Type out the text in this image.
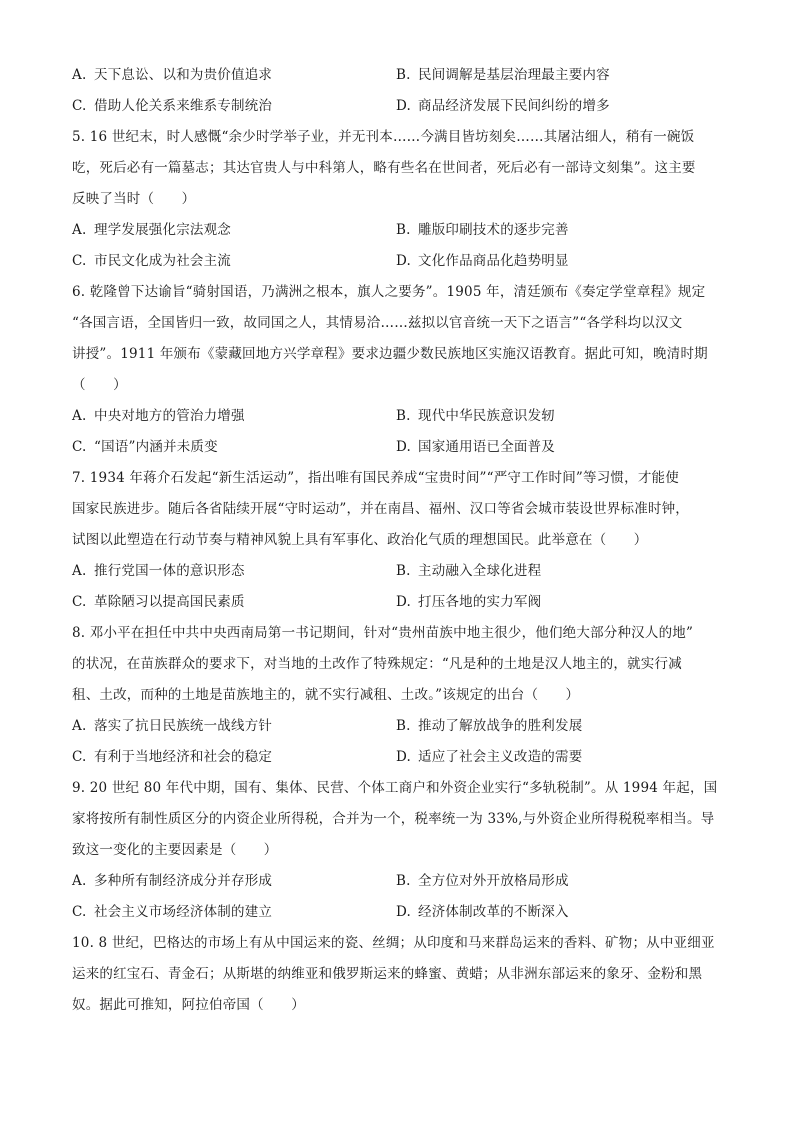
A. 天下息讼、以和为贵价值追求	B. 民间调解是基层治理最主要内容
C. 借助人伦关系来维系专制统治	D. 商品经济发展下民间纠纷的增多

5. 16 世纪末，时人感慨“余少时学举子业，并无刊本……今满目皆坊刻矣……其屠沽细人，稍有一碗饭

吃，死后必有一篇墓志；其达官贵人与中科第人，略有些名在世间者，死后必有一部诗文刻集”。这主要

反映了当时（　　）

A. 理学发展强化宗法观念	B. 雕版印刷技术的逐步完善
C. 市民文化成为社会主流	D. 文化作品商品化趋势明显

6. 乾隆曾下达谕旨“骑射国语，乃满洲之根本，旗人之要务”。1905 年，清廷颁布《奏定学堂章程》规定

“各国言语，全国皆归一致，故同国之人，其情易洽……兹拟以官音统一天下之语言”“各学科均以汉文

讲授”。1911 年颁布《蒙藏回地方兴学章程》要求边疆少数民族地区实施汉语教育。据此可知，晚清时期

（　　）

A. 中央对地方的管治力增强	B. 现代中华民族意识发轫
C. “国语”内涵并未质变	D. 国家通用语已全面普及

7. 1934 年蒋介石发起“新生活运动”，指出唯有国民养成“宝贵时间”“严守工作时间”等习惯，才能使

国家民族进步。随后各省陆续开展“守时运动”，并在南昌、福州、汉口等省会城市装设世界标准时钟，

试图以此塑造在行动节奏与精神风貌上具有军事化、政治化气质的理想国民。此举意在（　　）

A. 推行党国一体的意识形态	B. 主动融入全球化进程
C. 革除陋习以提高国民素质	D. 打压各地的实力军阀

8. 邓小平在担任中共中央西南局第一书记期间，针对“贵州苗族中地主很少，他们绝大部分种汉人的地”

的状况，在苗族群众的要求下，对当地的土改作了特殊规定：“凡是种的土地是汉人地主的，就实行减

租、土改，而种的土地是苗族地主的，就不实行减租、土改。”该规定的出台（　　）

A. 落实了抗日民族统一战线方针	B. 推动了解放战争的胜利发展
C. 有利于当地经济和社会的稳定	D. 适应了社会主义改造的需要

9. 20 世纪 80 年代中期，国有、集体、民营、个体工商户和外资企业实行“多轨税制”。从 1994 年起，国

家将按所有制性质区分的内资企业所得税，合并为一个，税率统一为 33%,与外资企业所得税税率相当。导

致这一变化的主要因素是（　　）

A. 多种所有制经济成分并存形成	B. 全方位对外开放格局形成
C. 社会主义市场经济体制的建立	D. 经济体制改革的不断深入

10. 8 世纪，巴格达的市场上有从中国运来的瓷、丝绸；从印度和马来群岛运来的香料、矿物；从中亚细亚

运来的红宝石、青金石；从斯堪的纳维亚和俄罗斯运来的蜂蜜、黄蜡；从非洲东部运来的象牙、金粉和黑

奴。据此可推知，阿拉伯帝国（　　）
